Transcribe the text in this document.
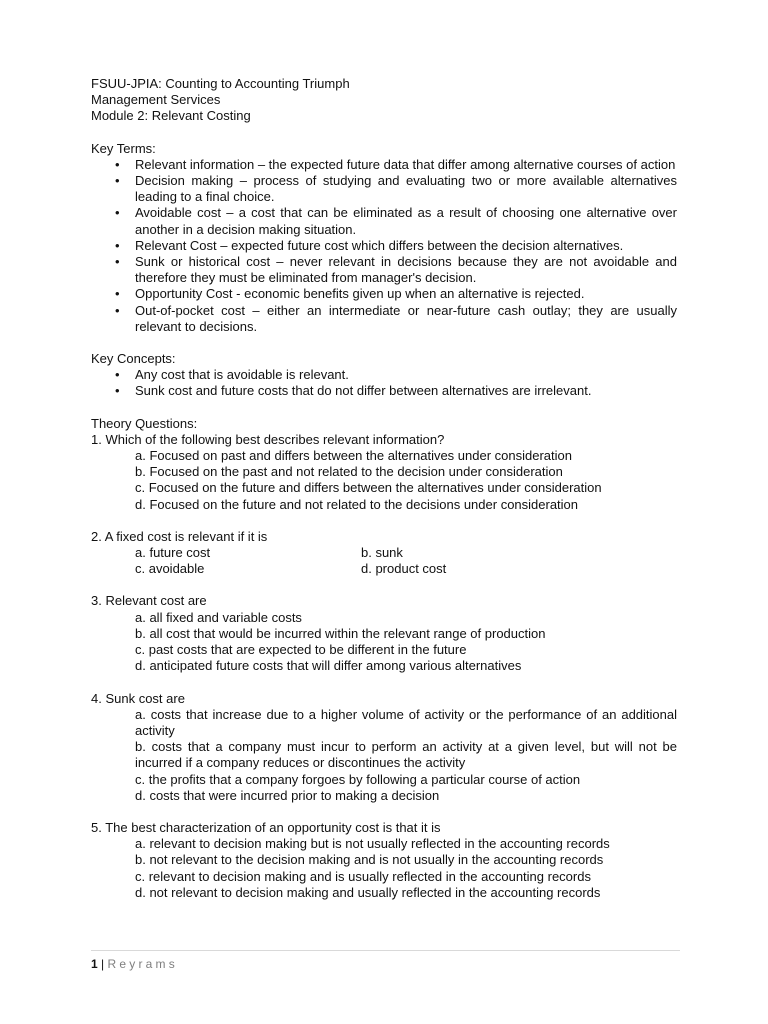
FSUU-JPIA: Counting to Accounting Triumph
Management Services
Module 2: Relevant Costing
Key Terms:
• Relevant information – the expected future data that differ among alternative courses of action
• Decision making – process of studying and evaluating two or more available alternatives leading to a final choice.
• Avoidable cost – a cost that can be eliminated as a result of choosing one alternative over another in a decision making situation.
• Relevant Cost – expected future cost which differs between the decision alternatives.
• Sunk or historical cost – never relevant in decisions because they are not avoidable and therefore they must be eliminated from manager's decision.
• Opportunity Cost - economic benefits given up when an alternative is rejected.
• Out-of-pocket cost – either an intermediate or near-future cash outlay; they are usually relevant to decisions.
Key Concepts:
• Any cost that is avoidable is relevant.
• Sunk cost and future costs that do not differ between alternatives are irrelevant.
Theory Questions:
1. Which of the following best describes relevant information?
a. Focused on past and differs between the alternatives under consideration
b. Focused on the past and not related to the decision under consideration
c. Focused on the future and differs between the alternatives under consideration
d. Focused on the future and not related to the decisions under consideration
2. A fixed cost is relevant if it is
a. future cost	b. sunk
c. avoidable	d. product cost
3. Relevant cost are
a. all fixed and variable costs
b. all cost that would be incurred within the relevant range of production
c. past costs that are expected to be different in the future
d. anticipated future costs that will differ among various alternatives
4. Sunk cost are
a. costs that increase due to a higher volume of activity or the performance of an additional activity
b. costs that a company must incur to perform an activity at a given level, but will not be incurred if a company reduces or discontinues the activity
c. the profits that a company forgoes by following a particular course of action
d. costs that were incurred prior to making a decision
5. The best characterization of an opportunity cost is that it is
a. relevant to decision making but is not usually reflected in the accounting records
b. not relevant to the decision making and is not usually in the accounting records
c. relevant to decision making and is usually reflected in the accounting records
d. not relevant to decision making and usually reflected in the accounting records
1 | Reyrams
